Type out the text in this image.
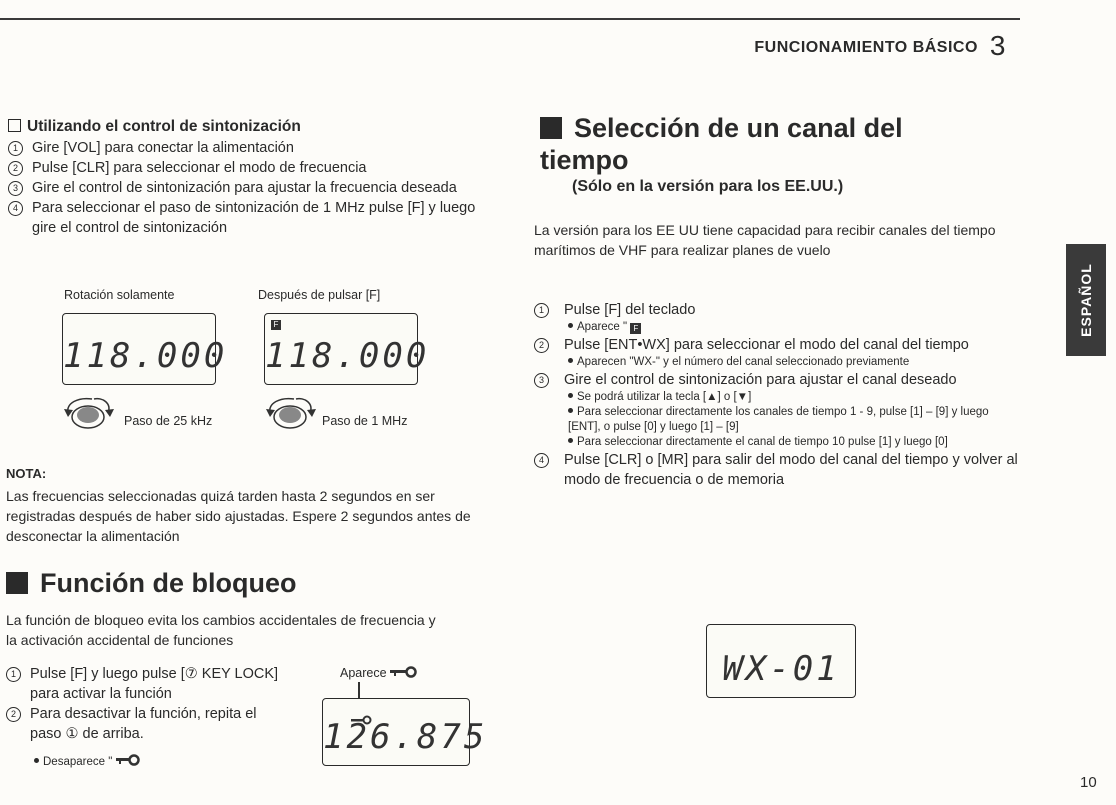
FUNCIONAMIENTO BÁSICO 3
ESPAÑOL
10
Utilizando el control de sintonización
1 Gire [VOL] para conectar la alimentación
2 Pulse [CLR] para seleccionar el modo de frecuencia
3 Gire el control de sintonización para ajustar la frecuencia deseada
4 Para seleccionar el paso de sintonización de 1 MHz pulse [F] y luego gire el control de sintonización
Rotación solamente	Después de pulsar [F]
118.000
F
118.000
Paso de 25 kHz	Paso de 1 MHz
NOTA:
Las frecuencias seleccionadas quizá tarden hasta 2 segundos en ser registradas después de haber sido ajustadas. Espere 2 segundos antes de desconectar la alimentación
Función de bloqueo
La función de bloqueo evita los cambios accidentales de frecuencia y la activación accidental de funciones
1 Pulse [F] y luego pulse [⑦ KEY LOCK] para activar la función
2 Para desactivar la función, repita el paso ① de arriba.
Desaparece "
Aparece
126.875
Selección de un canal del tiempo
(Sólo en la versión para los EE.UU.)
La versión para los EE UU tiene capacidad para recibir canales del tiempo marítimos de VHF para realizar planes de vuelo
1	Pulse [F] del teclado
Aparece " F
2	Pulse [ENT•WX] para seleccionar el modo del canal del tiempo
Aparecen "WX-" y el número del canal seleccionado previamente
3	Gire el control de sintonización para ajustar el canal deseado
Se podrá utilizar la tecla [▲] o [▼]
Para seleccionar directamente los canales de tiempo 1 - 9, pulse [1] – [9] y luego [ENT], o pulse [0] y luego [1] – [9]
Para seleccionar directamente el canal de tiempo 10 pulse [1] y luego [0]
4	Pulse [CLR] o [MR] para salir del modo del canal del tiempo y volver al modo de frecuencia o de memoria
WX-01
